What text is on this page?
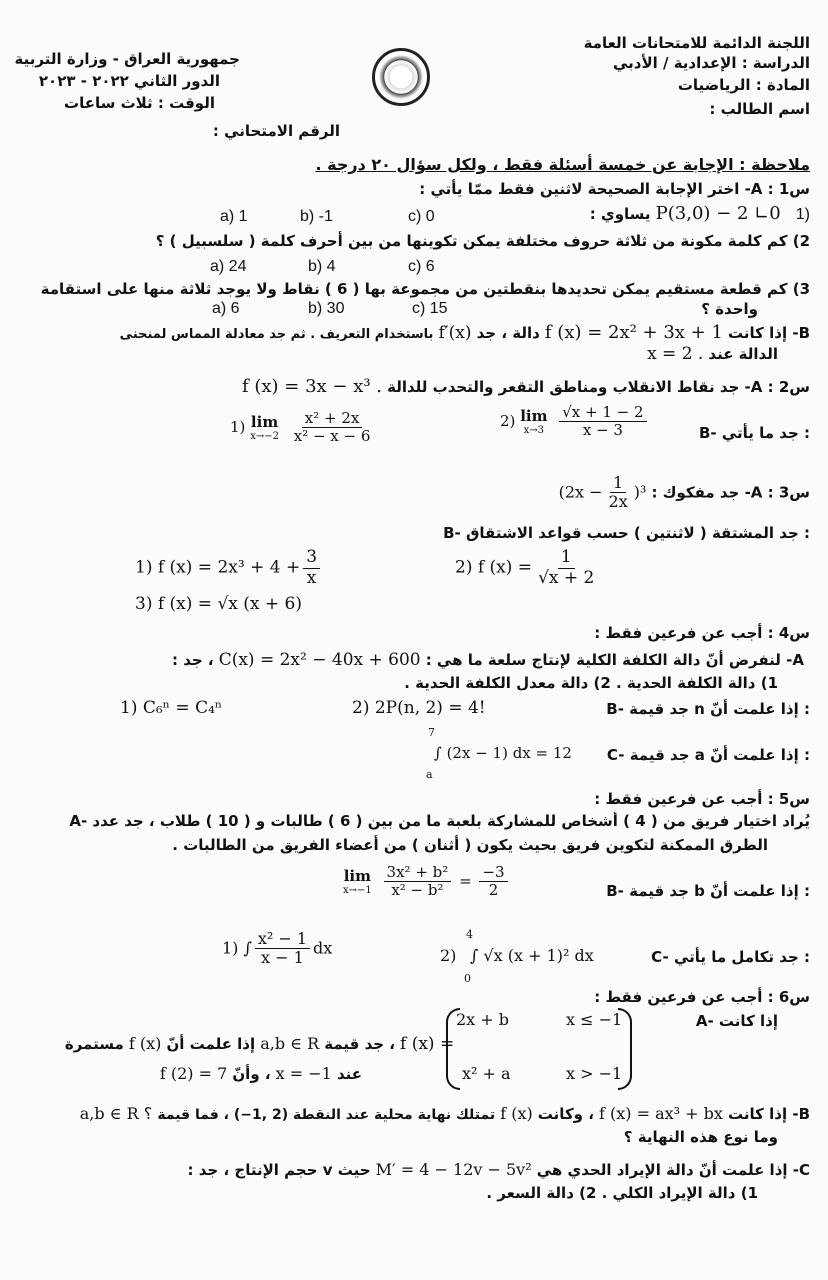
اللجنة الدائمة للامتحانات العامة
الدراسة : الإعدادية / الأدبي
المادة : الرياضيات
اسم الطالب :
جمهورية العراق - وزارة التربية
الدور الثاني ٢٠٢٢ - ٢٠٢٣
الوقت : ثلاث ساعات
الرقم الامتحاني :
ملاحظة : الإجابة عن خمسة أسئلة فقط ، ولكل سؤال ٢٠ درجة .
س1 : A- اختر الإجابة الصحيحة لاثنين فقط ممّا يأتي :
يساوي : P(3,0) − 2 ∟0 1)
a) 1	b) -1	c) 0
2) كم كلمة مكونة من ثلاثة حروف مختلفة يمكن تكوينها من بين أحرف كلمة ( سلسبيل ) ؟
a) 24	b) 4	c) 6
3) كم قطعة مستقيم يمكن تحديدها بنقطتين من مجموعة بها ( 6 ) نقاط ولا يوجد ثلاثة منها على استقامة
واحدة ؟
a) 6	b) 30	c) 15
B- إذا كانت f (x) = 2x² + 3x + 1 دالة ، جد f′(x) باستخدام التعريف . ثم جد معادلة المماس لمنحنى
الدالة عند x = 2 .
س2 : A- جد نقاط الانقلاب ومناطق التقعر والتحدب للدالة f (x) = 3x − x³ .
B- جد ما يأتي :
1) lim
x→−2
$\frac{\text{x² + 2x}}{\text{x² − x − 6}}$	2) lim
x→3
$\frac{√x + 1 - 2}{x - 3}$
س3 : A- جد مفكوك : $(2x - \frac{1}{2x} )^3$
B- جد المشتقة ( لاثنتين ) حسب قواعد الاشتقاق :
1) f $(x) = 2x^3 + 4 + \frac{3}{x}$	2) f $(x) = \frac{1}{√x + 2}$
3) f (x) = √x (x + 6)
س4 : أجب عن فرعين فقط :
A- لنفرض أنّ دالة الكلفة الكلية لإنتاج سلعة ما هي : C(x) = 2x² − 40x + 600 ، جد :
1) دالة الكلفة الحدية . 2) دالة معدل الكلفة الحدية .
B- جد قيمة n إذا علمت أنّ :
1) C₆ⁿ = C₄ⁿ	2) 2P(n, 2) = 4!
C- جد قيمة a إذا علمت أنّ :
7
a
∫ (2x − 1) dx = 12
س5 : أجب عن فرعين فقط :
A- يُراد اختيار فريق من ( 4 ) أشخاص للمشاركة بلعبة ما من بين ( 6 ) طالبات و ( 10 ) طلاب ، جد عدد
الطرق الممكنة لتكوين فريق بحيث يكون ( أثنان ) من أعضاء الفريق من الطالبات .
B- جد قيمة b إذا علمت أنّ :
lim
x→−1
$\frac{\text{3x² + b²}}{\text{x² − b²}} = \frac{-3}{2}$
C- جد تكامل ما يأتي :
1) ∫ $\frac{\text{x² − 1}}{x - 1}$ dx	2)
4
0
∫ √x (x + 1)² dx
س6 : أجب عن فرعين فقط :
A- إذا كانت
f (x) =
2x + b	x ≤ −1
x² + a	x > −1
، جد قيمة a,b ∈ R إذا علمت أنّ f (x) مستمرة
عند x = −1 ، وأنّ f (2) = 7
B- إذا كانت f (x) = ax³ + bx ، وكانت f (x) تمتلك نهاية محلية عند النقطة (2 ,1−) ، فما قيمة a,b ∈ R ؟
وما نوع هذه النهاية ؟
C- إذا علمت أنّ دالة الإيراد الحدي هي M′ = 4 − 12v − 5v² حيث v حجم الإنتاج ، جد :
1) دالة الإيراد الكلي . 2) دالة السعر .
